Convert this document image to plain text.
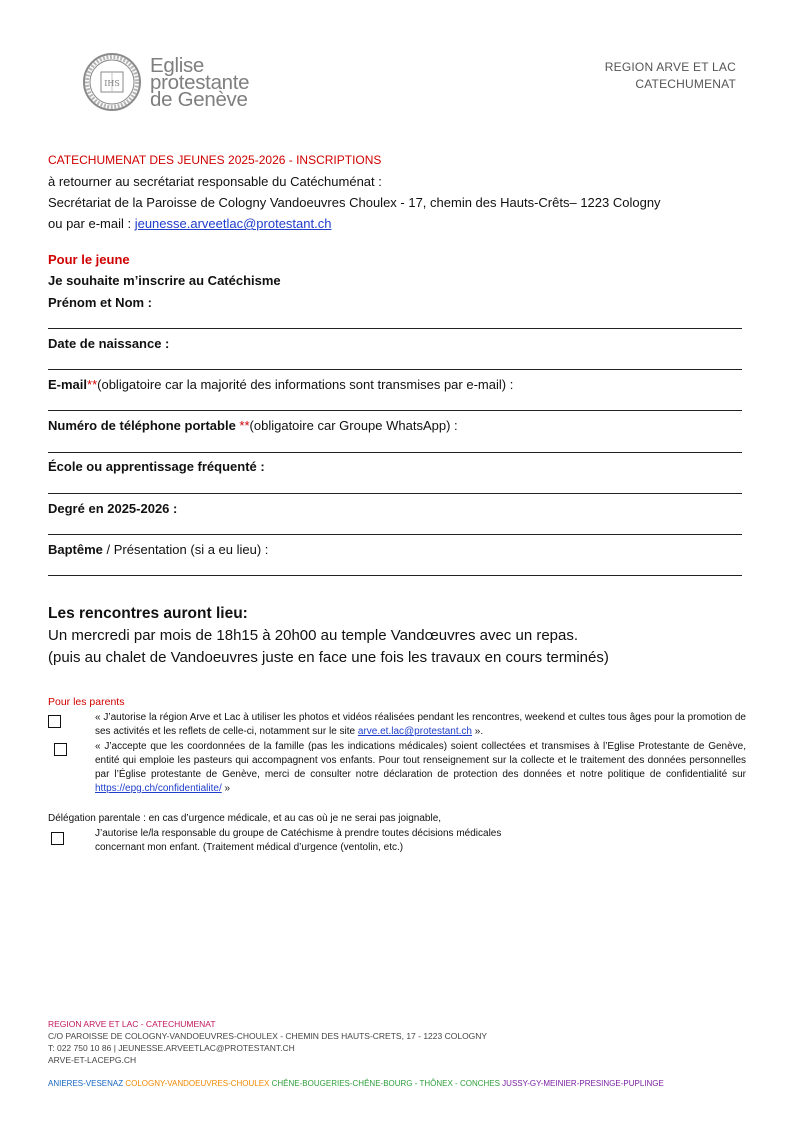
IHS
Eglise
protestante
de Genève
REGION ARVE ET LAC
CATECHUMENAT
CATECHUMENAT DES JEUNES 2025-2026 - INSCRIPTIONS
à retourner au secrétariat responsable du Catéchuménat :
Secrétariat de la Paroisse de Cologny Vandoeuvres Choulex - 17, chemin des Hauts-Crêts– 1223 Cologny
ou par e-mail : jeunesse.arveetlac@protestant.ch
Pour le jeune
Je souhaite m’inscrire au Catéchisme
Prénom et Nom :
Date de naissance :
E-mail**(obligatoire car la majorité des informations sont transmises par e-mail) :
Numéro de téléphone portable **(obligatoire car Groupe WhatsApp) :
École ou apprentissage fréquenté :
Degré en 2025-2026 :
Baptême / Présentation (si a eu lieu) :
Les rencontres auront lieu:
Un mercredi par mois de 18h15 à 20h00 au temple Vandœuvres avec un repas.
(puis au chalet de Vandoeuvres juste en face une fois les travaux en cours terminés)
Pour les parents
« J’autorise la région Arve et Lac à utiliser les photos et vidéos réalisées pendant les rencontres, weekend et cultes tous âges pour la promotion de ses activités et les reflets de celle-ci, notamment sur le site arve.et.lac@protestant.ch ».
« J’accepte que les coordonnées de la famille (pas les indications médicales) soient collectées et transmises à l’Eglise Protestante de Genève, entité qui emploie les pasteurs qui accompagnent vos enfants. Pour tout renseignement sur la collecte et le traitement des données personnelles par l’Église protestante de Genève, merci de consulter notre déclaration de protection des données et notre politique de confidentialité sur https://epg.ch/confidentialite/ »
Délégation parentale : en cas d’urgence médicale, et au cas où je ne serai pas joignable,
J’autorise le/la responsable du groupe de Catéchisme à prendre toutes décisions médicales
concernant mon enfant. (Traitement médical d’urgence (ventolin, etc.)
REGION ARVE ET LAC - CATECHUMENAT
C/O PAROISSE DE COLOGNY-VANDOEUVRES-CHOULEX - CHEMIN DES HAUTS-CRETS, 17 - 1223 COLOGNY
T: 022 750 10 86 | JEUNESSE.ARVEETLAC@PROTESTANT.CH
ARVE-ET-LACEPG.CH
ANIERES-VESENAZ COLOGNY-VANDOEUVRES-CHOULEX CHÊNE-BOUGERIES-CHÊNE-BOURG - THÔNEX - CONCHES JUSSY-GY-MEINIER-PRESINGE-PUPLINGE
